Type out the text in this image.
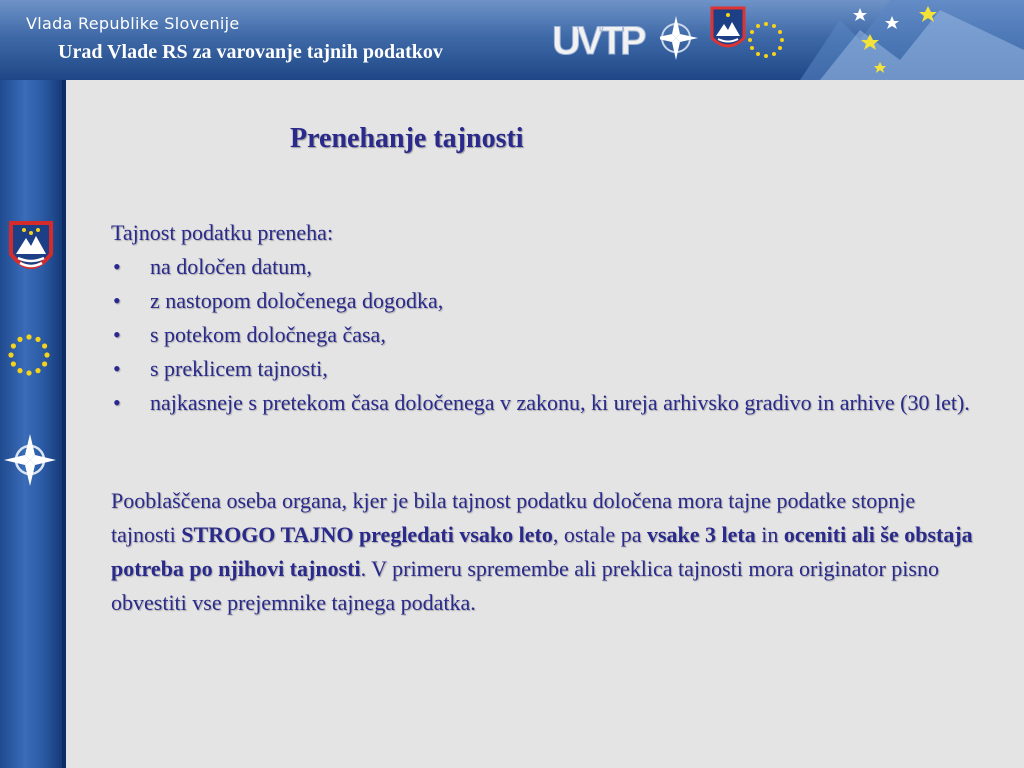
Vlada Republike Slovenije
Urad Vlade RS za varovanje tajnih podatkov	UVTP
Prenehanje tajnosti
Tajnost podatku preneha:
• na določen datum,
• z nastopom določenega dogodka,
• s potekom določnega časa,
• s preklicem tajnosti,
• najkasneje s pretekom časa določenega v zakonu, ki ureja arhivsko gradivo in arhive (30 let).

Pooblaščena oseba organa, kjer je bila tajnost podatku določena mora tajne podatke stopnje tajnosti STROGO TAJNO pregledati vsako leto, ostale pa vsake 3 leta in oceniti ali še obstaja potreba po njihovi tajnosti. V primeru spremembe ali preklica tajnosti mora originator pisno obvestiti vse prejemnike tajnega podatka.
